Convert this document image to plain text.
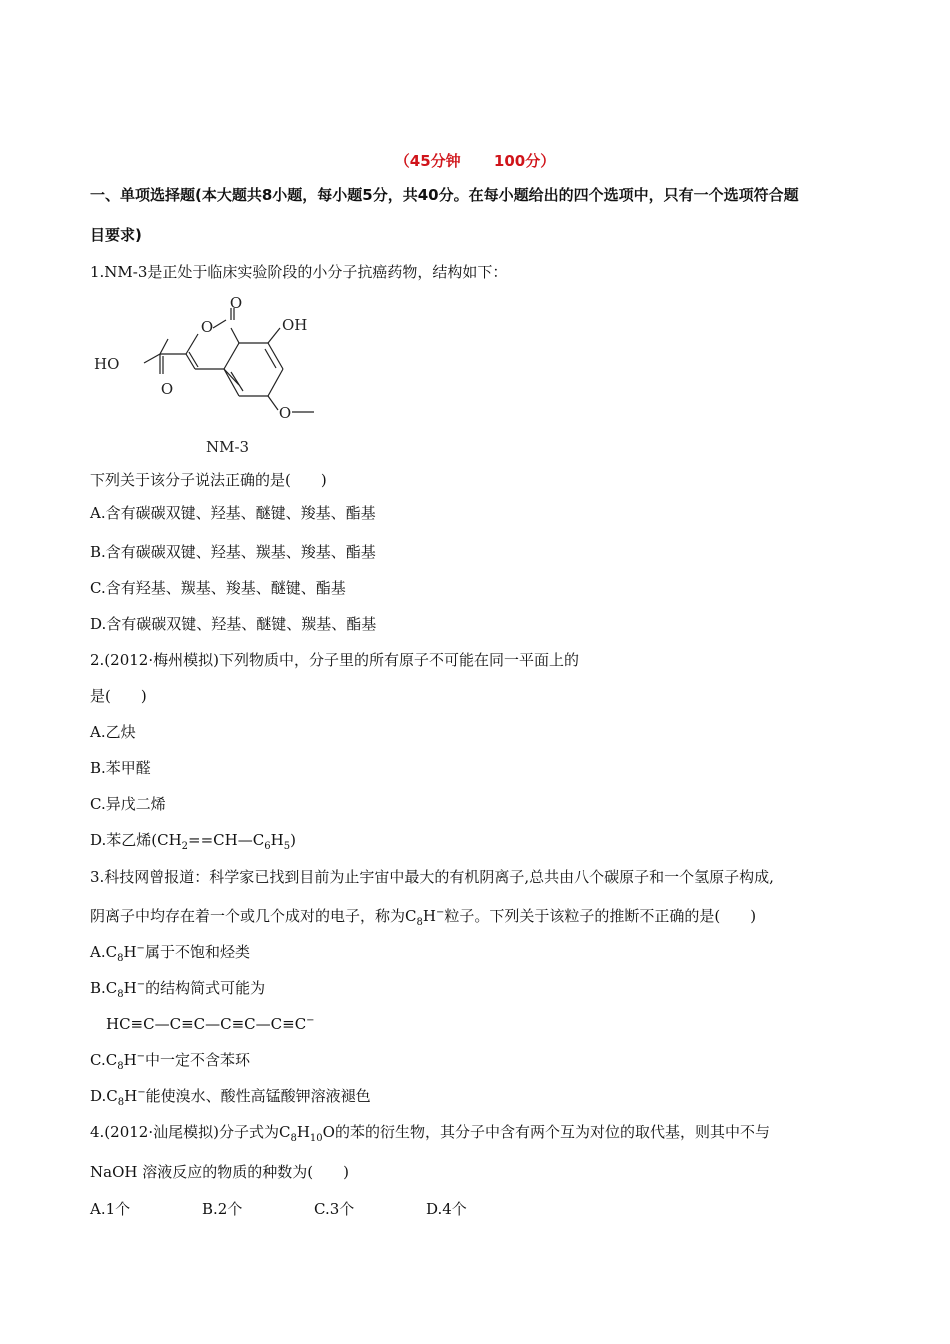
（45分钟 100分）
一、单项选择题(本大题共8小题，每小题5分，共40分。在每小题给出的四个选项中，只有一个选项符合题
目要求)
1.NM-3是正处于临床实验阶段的小分子抗癌药物，结构如下：
O
OH
O
HO
O
O
NM-3
下列关于该分子说法正确的是(　　)
A.含有碳碳双键、羟基、醚键、羧基、酯基
B.含有碳碳双键、羟基、羰基、羧基、酯基
C.含有羟基、羰基、羧基、醚键、酯基
D.含有碳碳双键、羟基、醚键、羰基、酯基
2.(2012·梅州模拟)下列物质中，分子里的所有原子不可能在同一平面上的
是(　　)
A.乙炔
B.苯甲醛
C.异戊二烯
D.苯乙烯$(CH_2==CH—C_6H_5)$
3.科技网曾报道：科学家已找到目前为止宇宙中最大的有机阴离子,总共由八个碳原子和一个氢原子构成,
阴离子中均存在着一个或几个成对的电子，称为$C_8H^-$粒子。下列关于该粒子的推断不正确的是(　　)
$A.C_8H^-$属于不饱和烃类
$B.C_8H^-$的结构简式可能为
HC≡C—C≡C—C≡C—C≡C−
$C.C_8H^-$中一定不含苯环
$D.C_8H^-$能使溴水、酸性高锰酸钾溶液褪色
4.(2012·汕尾模拟)分子式为$C_8H_{10}O$的苯的衍生物，其分子中含有两个互为对位的取代基，则其中不与
NaOH 溶液反应的物质的种数为(　　)
A.1个	B.2个	C.3个	D.4个
